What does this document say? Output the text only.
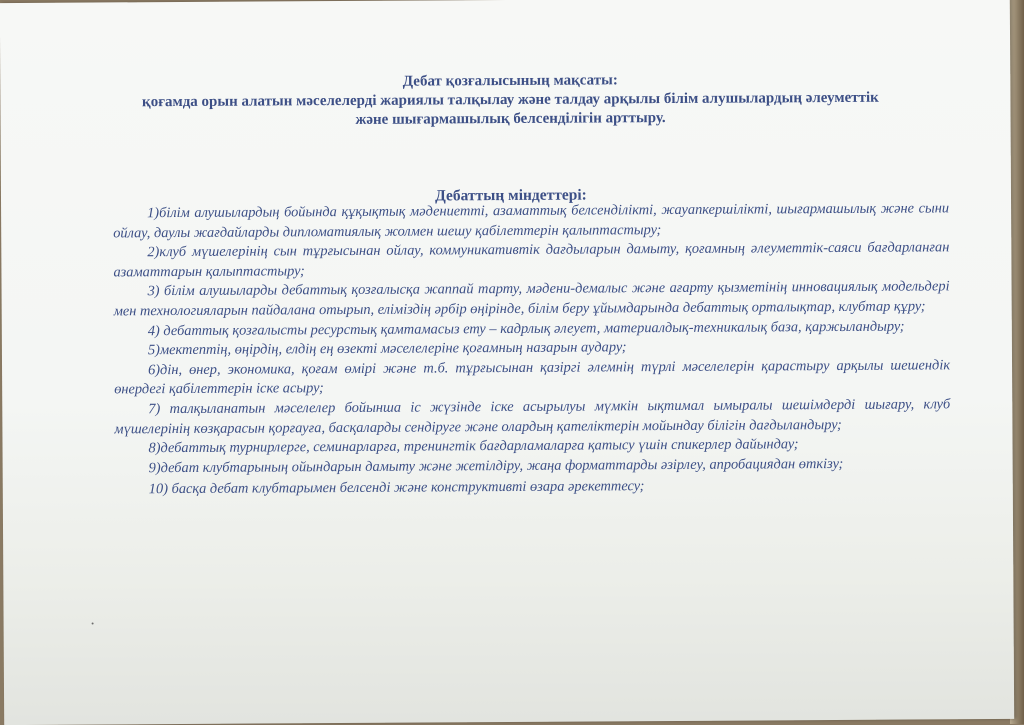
Дебат қозғалысының мақсаты:
қоғамда орын алатын мәселелерді жариялы талқылау және талдау арқылы білім алушылардың әлеуметтік
және шығармашылық белсенділігін арттыру.
Дебаттың міндеттері:
1)білім алушылардың бойында құқықтық мәдениетті, азаматтық белсенділікті, жауапкершілікті, шығармашылық және сыни ойлау, даулы жағдайларды дипломатиялық жолмен шешу қабілеттерін қалыптастыру;
2)клуб мүшелерінің сын тұрғысынан ойлау, коммуникативтік дағдыларын дамыту, қоғамның әлеуметтік-саяси бағдарланған азаматтарын қалыптастыру;
3) білім алушыларды дебаттық қозғалысқа жаппай тарту, мәдени-демалыс және ағарту қызметінің инновациялық модельдері мен технологияларын пайдалана отырып, еліміздің әрбір өңірінде, білім беру ұйымдарында дебаттық орталықтар, клубтар құру;
4) дебаттық қозғалысты ресурстық қамтамасыз ету – кадрлық әлеует, материалдық-техникалық база, қаржыландыру;
5)мектептің, өңірдің, елдің ең өзекті мәселелеріне қоғамның назарын аудару;
6)дін, өнер, экономика, қоғам өмірі және т.б. тұрғысынан қазіргі әлемнің түрлі мәселелерін қарастыру арқылы шешендік өнердегі қабілеттерін іске асыру;
7) талқыланатын мәселелер бойынша іс жүзінде іске асырылуы мүмкін ықтимал ымыралы шешімдерді шығару, клуб мүшелерінің көзқарасын қорғауға, басқаларды сендіруге және олардың қателіктерін мойындау білігін дағдыландыру;
8)дебаттық турнирлерге, семинарларға, тренингтік бағдарламаларға қатысу үшін спикерлер дайындау;
9)дебат клубтарының ойындарын дамыту және жетілдіру, жаңа форматтарды әзірлеу, апробациядан өткізу;
10) басқа дебат клубтарымен белсенді және конструктивті өзара әрекеттесу;
